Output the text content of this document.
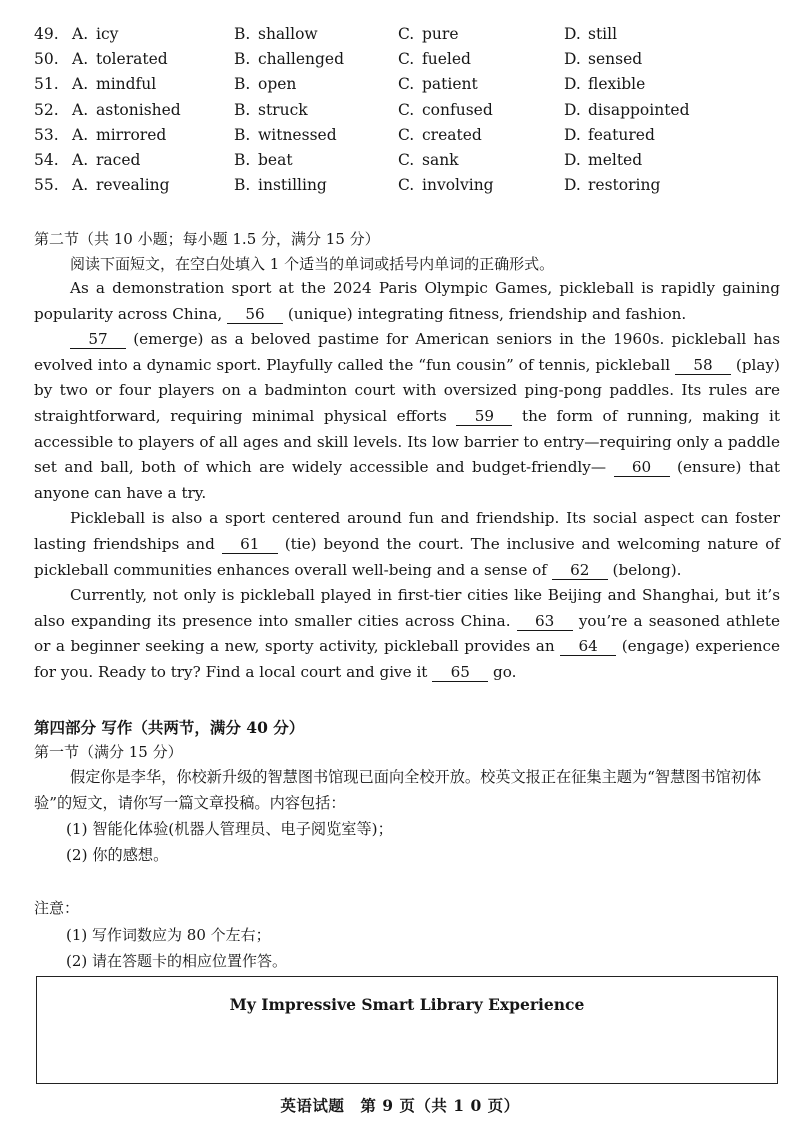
49. A. icy	B. shallow	C. pure	D. still
50. A. tolerated	B. challenged	C. fueled	D. sensed
51. A. mindful	B. open	C. patient	D. flexible
52. A. astonished	B. struck	C. confused	D. disappointed
53. A. mirrored	B. witnessed	C. created	D. featured
54. A. raced	B. beat	C. sank	D. melted
55. A. revealing	B. instilling	C. involving	D. restoring
第二节（共 10 小题；每小题 1.5 分，满分 15 分）
阅读下面短文，在空白处填入 1 个适当的单词或括号内单词的正确形式。

As a demonstration sport at the 2024 Paris Olympic Games, pickleball is rapidly gaining popularity across China, 56 (unique) integrating fitness, friendship and fashion.

57 (emerge) as a beloved pastime for American seniors in the 1960s. pickleball has evolved into a dynamic sport. Playfully called the “fun cousin” of tennis, pickleball 58 (play) by two or four players on a badminton court with oversized ping-pong paddles. Its rules are straightforward, requiring minimal physical efforts 59 the form of running, making it accessible to players of all ages and skill levels. Its low barrier to entry—requiring only a paddle set and ball, both of which are widely accessible and budget-friendly— 60 (ensure) that anyone can have a try.

Pickleball is also a sport centered around fun and friendship. Its social aspect can foster lasting friendships and 61 (tie) beyond the court. The inclusive and welcoming nature of pickleball communities enhances overall well-being and a sense of 62 (belong).

Currently, not only is pickleball played in first-tier cities like Beijing and Shanghai, but it’s also expanding its presence into smaller cities across China. 63 you’re a seasoned athlete or a beginner seeking a new, sporty activity, pickleball provides an 64 (engage) experience for you. Ready to try? Find a local court and give it 65 go.

第四部分 写作（共两节，满分 40 分）
第一节（满分 15 分）

假定你是李华，你校新升级的智慧图书馆现已面向全校开放。校英文报正在征集主题为“智慧图书馆初体验”的短文，请你写一篇文章投稿。内容包括：

(1) 智能化体验(机器人管理员、电子阅览室等)；

(2) 你的感想。

注意：

(1) 写作词数应为 80 个左右；

(2) 请在答题卡的相应位置作答。

My Impressive Smart Library Experience
英语试题　第 9 页（共 1 0 页）
